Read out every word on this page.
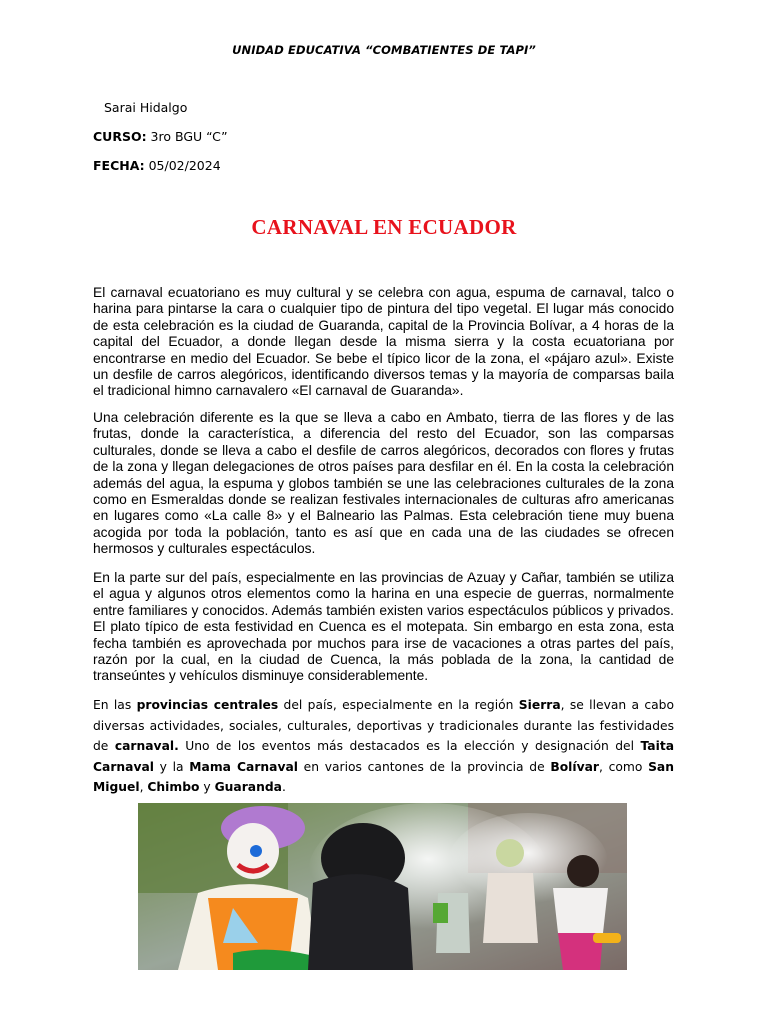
UNIDAD EDUCATIVA “COMBATIENTES DE TAPI”
Sarai Hidalgo
CURSO: 3ro BGU “C”
FECHA: 05/02/2024
CARNAVAL EN ECUADOR
El carnaval ecuatoriano es muy cultural y se celebra con agua, espuma de carnaval, talco o harina para pintarse la cara o cualquier tipo de pintura del tipo vegetal. El lugar más conocido de esta celebración es la ciudad de Guaranda, capital de la Provincia Bolívar, a 4 horas de la capital del Ecuador, a donde llegan desde la misma sierra y la costa ecuatoriana por encontrarse en medio del Ecuador. Se bebe el típico licor de la zona, el «pájaro azul». Existe un desfile de carros alegóricos, identificando diversos temas y la mayoría de comparsas baila el tradicional himno carnavalero «El carnaval de Guaranda».
Una celebración diferente es la que se lleva a cabo en Ambato, tierra de las flores y de las frutas, donde la característica, a diferencia del resto del Ecuador, son las comparsas culturales, donde se lleva a cabo el desfile de carros alegóricos, decorados con flores y frutas de la zona y llegan delegaciones de otros países para desfilar en él. En la costa la celebración además del agua, la espuma y globos también se une las celebraciones culturales de la zona como en Esmeraldas donde se realizan festivales internacionales de culturas afro americanas en lugares como «La calle 8» y el Balneario las Palmas. Esta celebración tiene muy buena acogida por toda la población, tanto es así que en cada una de las ciudades se ofrecen hermosos y culturales espectáculos.
En la parte sur del país, especialmente en las provincias de Azuay y Cañar, también se utiliza el agua y algunos otros elementos como la harina en una especie de guerras, normalmente entre familiares y conocidos. Además también existen varios espectáculos públicos y privados. El plato típico de esta festividad en Cuenca es el motepata. Sin embargo en esta zona, esta fecha también es aprovechada por muchos para irse de vacaciones a otras partes del país, razón por la cual, en la ciudad de Cuenca, la más poblada de la zona, la cantidad de transeúntes y vehículos disminuye considerablemente.
En las provincias centrales del país, especialmente en la región Sierra, se llevan a cabo diversas actividades, sociales, culturales, deportivas y tradicionales durante las festividades de carnaval. Uno de los eventos más destacados es la elección y designación del Taita Carnaval y la Mama Carnaval en varios cantones de la provincia de Bolívar, como San Miguel, Chimbo y Guaranda.
